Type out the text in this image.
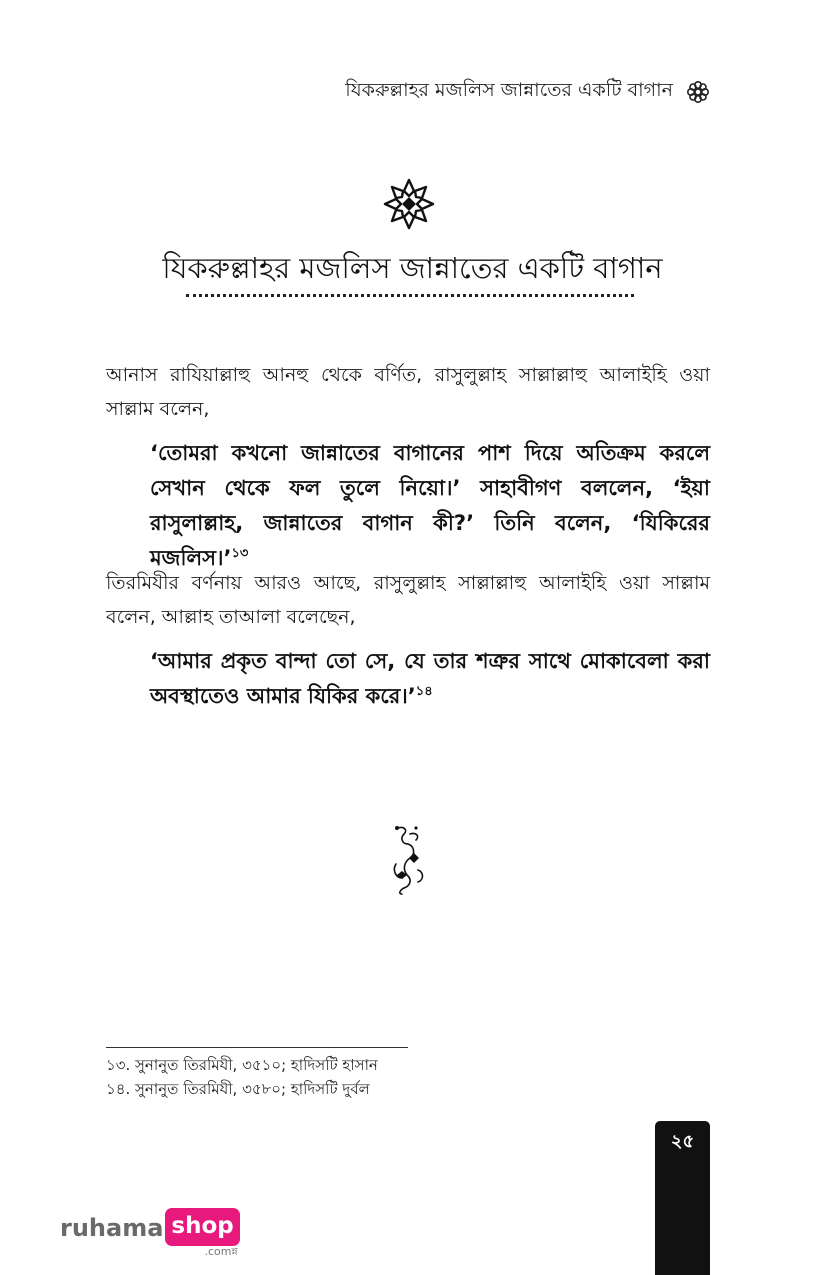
যিকরুল্লাহর মজলিস জান্নাতের একটি বাগান
যিকরুল্লাহর মজলিস জান্নাতের একটি বাগান

আনাস রাযিয়াল্লাহু আনহু থেকে বর্ণিত, রাসুলুল্লাহ সাল্লাল্লাহু আলাইহি ওয়া সাল্লাম বলেন,

‘তোমরা কখনো জান্নাতের বাগানের পাশ দিয়ে অতিক্রম করলে সেখান থেকে ফল তুলে নিয়ো।’ সাহাবীগণ বললেন, ‘ইয়া রাসুলাল্লাহ, জান্নাতের বাগান কী?’ তিনি বলেন, ‘যিকিরের মজলিস।’$^{১৩}$

তিরমিযীর বর্ণনায় আরও আছে, রাসুলুল্লাহ সাল্লাল্লাহু আলাইহি ওয়া সাল্লাম বলেন, আল্লাহ তাআলা বলেছেন,

‘আমার প্রকৃত বান্দা তো সে, যে তার শত্রুর সাথে মোকাবেলা করা অবস্থাতেও আমার যিকির করে।’$^{১৪}$

১৩. সুনানুত তিরমিযী, ৩৫১০; হাদিসটি হাসান
১৪. সুনানুত তিরমিযী, ৩৫৮০; হাদিসটি দুর্বল
২৫
ruhama shop
.comন্ন
